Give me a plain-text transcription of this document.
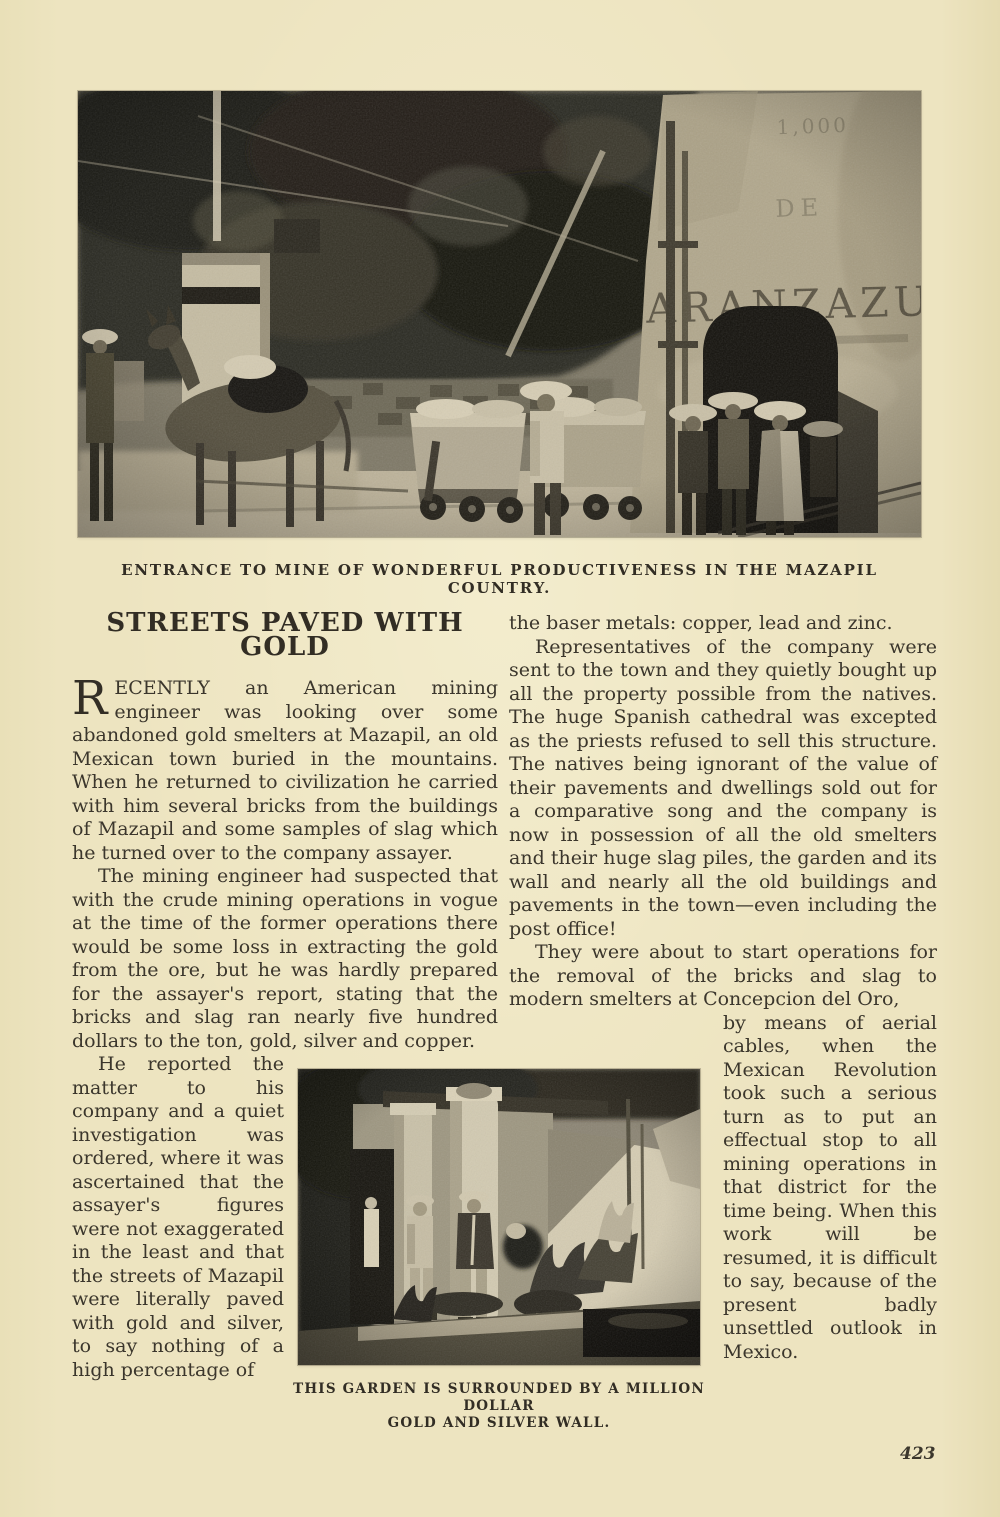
ENTRANCE TO MINE OF WONDERFUL PRODUCTIVENESS IN THE MAZAPIL COUNTRY.
STREETS PAVED WITH GOLD

RECENTLY an American mining engineer was looking over some abandoned gold smelters at Mazapil, an old Mexican town buried in the mountains. When he returned to civilization he carried with him several bricks from the buildings of Mazapil and some samples of slag which he turned over to the company assayer.

The mining engineer had suspected that with the crude mining operations in vogue at the time of the former operations there would be some loss in extracting the gold from the ore, but he was hardly prepared for the assayer's report, stating that the bricks and slag ran nearly five hundred dollars to the ton, gold, silver and copper.

He reported the matter to his company and a quiet investigation was ordered, where it was ascertained that the assayer's figures were not exaggerated in the least and that the streets of Mazapil were literally paved with gold and silver, to say nothing of a high percentage of

the baser metals: copper, lead and zinc.

Representatives of the company were sent to the town and they quietly bought up all the property possible from the natives. The huge Spanish cathedral was excepted as the priests refused to sell this structure. The natives being ignorant of the value of their pavements and dwellings sold out for a comparative song and the company is now in possession of all the old smelters and their huge slag piles, the garden and its wall and nearly all the old buildings and pavements in the town—even including the post office!

They were about to start operations for the removal of the bricks and slag to modern smelters at Concepcion del Oro,

by means of aerial cables, when the Mexican Revolution took such a serious turn as to put an effectual stop to all mining operations in that district for the time being. When this work will be resumed, it is difficult to say, because of the present badly unsettled outlook in Mexico.

THIS GARDEN IS SURROUNDED BY A MILLION DOLLAR
GOLD AND SILVER WALL.
423
